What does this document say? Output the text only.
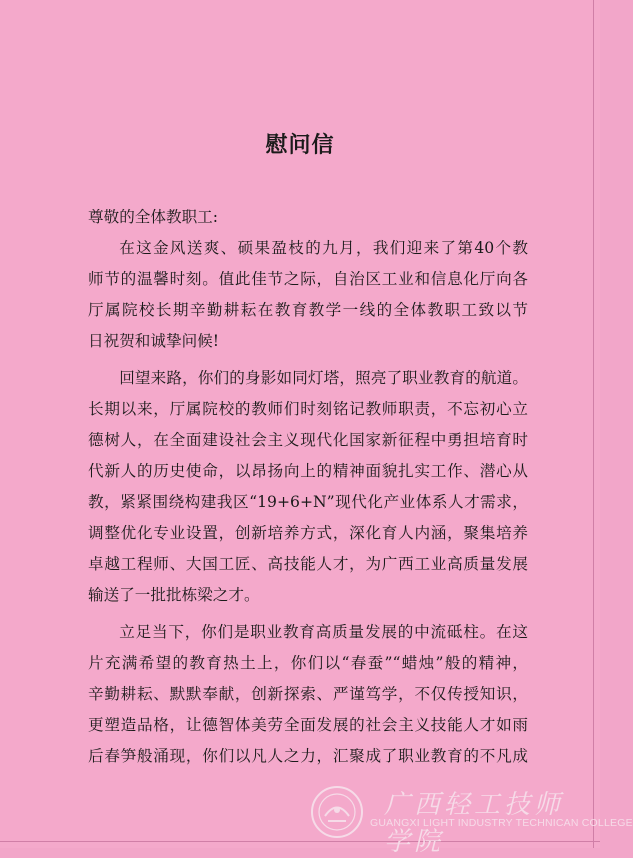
慰问信

尊敬的全体教职工:

在这金风送爽、硕果盈枝的九月，我们迎来了第40个教

师节的温馨时刻。值此佳节之际，自治区工业和信息化厅向各

厅属院校长期辛勤耕耘在教育教学一线的全体教职工致以节

日祝贺和诚挚问候!

回望来路，你们的身影如同灯塔，照亮了职业教育的航道。

长期以来，厅属院校的教师们时刻铭记教师职责，不忘初心立

德树人，在全面建设社会主义现代化国家新征程中勇担培育时

代新人的历史使命，以昂扬向上的精神面貌扎实工作、潜心从

教，紧紧围绕构建我区“19+6+N”现代化产业体系人才需求，

调整优化专业设置，创新培养方式，深化育人内涵，聚集培养

卓越工程师、大国工匠、高技能人才，为广西工业高质量发展

输送了一批批栋梁之才。

立足当下，你们是职业教育高质量发展的中流砥柱。在这

片充满希望的教育热土上，你们以“春蚕”“蜡烛”般的精神，

辛勤耕耘、默默奉献，创新探索、严谨笃学，不仅传授知识，

更塑造品格，让德智体美劳全面发展的社会主义技能人才如雨

后春笋般涌现，你们以凡人之力，汇聚成了职业教育的不凡成

广西轻工技师学院
GUANGXI LIGHT INDUSTRY TECHNICAN COLLEGE
